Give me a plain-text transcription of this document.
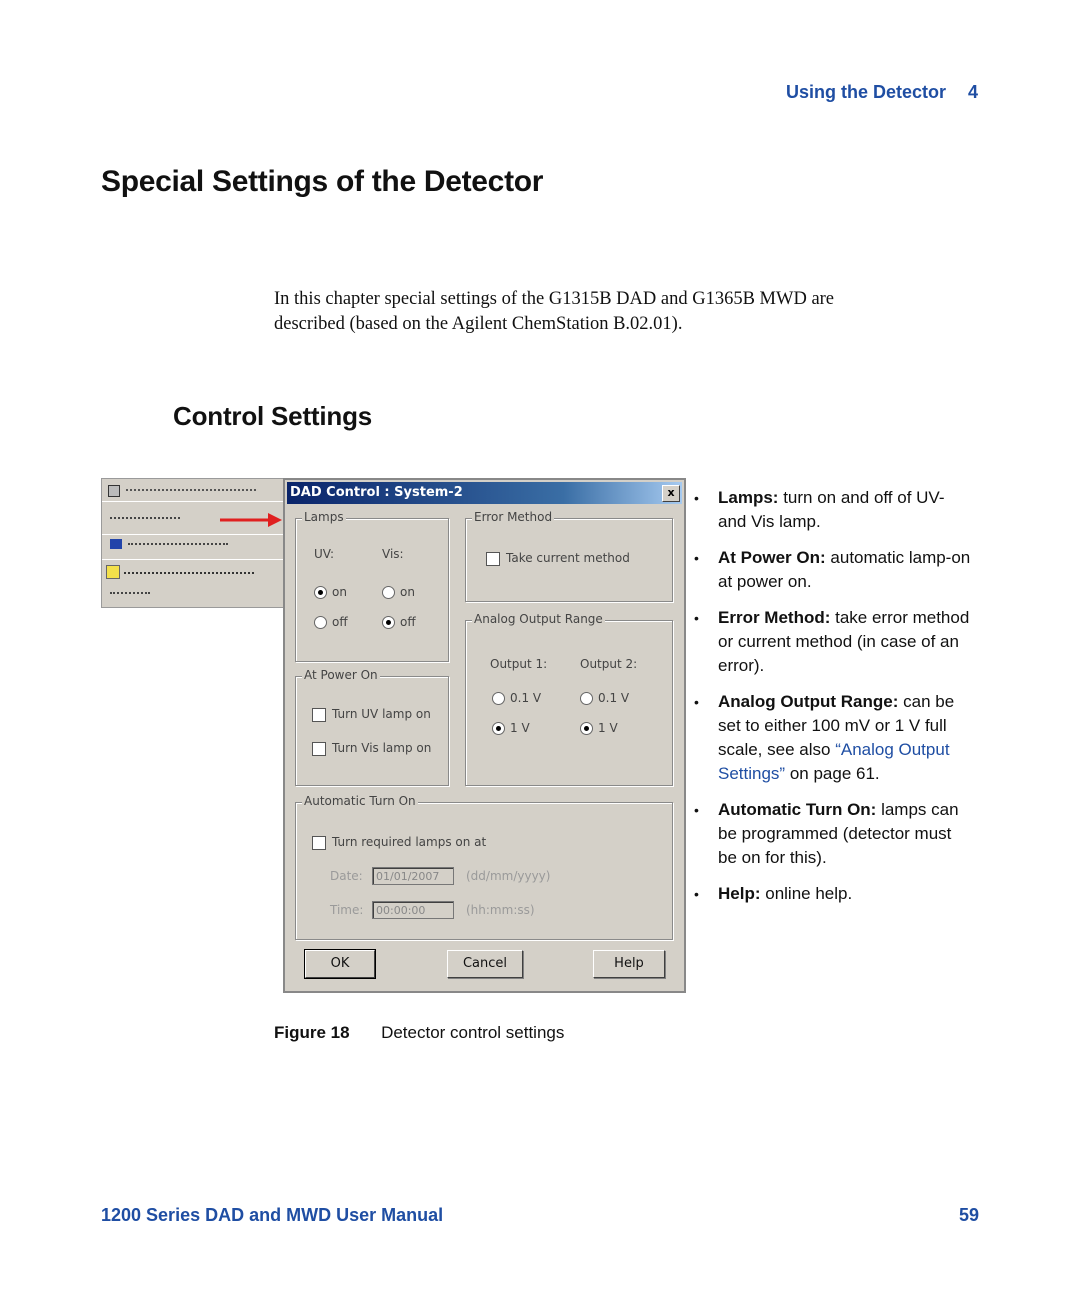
Using the Detector 4
Special Settings of the Detector
In this chapter special settings of the G1315B DAD and G1365B MWD are
described (based on the Agilent ChemStation B.02.01).
Control Settings
DAD Control : System-2	x
Lamps
UV:	Vis:
on	on
off	off
Error Method
Take current method
Analog Output Range
Output 1:	Output 2:
0.1 V	0.1 V
1 V	1 V
At Power On
Turn UV lamp on
Turn Vis lamp on
Automatic Turn On
Turn required lamps on at
Date:	01/01/2007	(dd/mm/yyyy)
Time:	00:00:00	(hh:mm:ss)
OK	Cancel	Help
• Lamps: turn on and off of UV-
and Vis lamp.
• At Power On: automatic lamp-on
at power on.
• Error Method: take error method
or current method (in case of an
error).
• Analog Output Range: can be
set to either 100 mV or 1 V full
scale, see also “Analog Output
Settings” on page 61.
• Automatic Turn On: lamps can
be programmed (detector must
be on for this).
• Help: online help.
Figure 18 Detector control settings
1200 Series DAD and MWD User Manual	59
